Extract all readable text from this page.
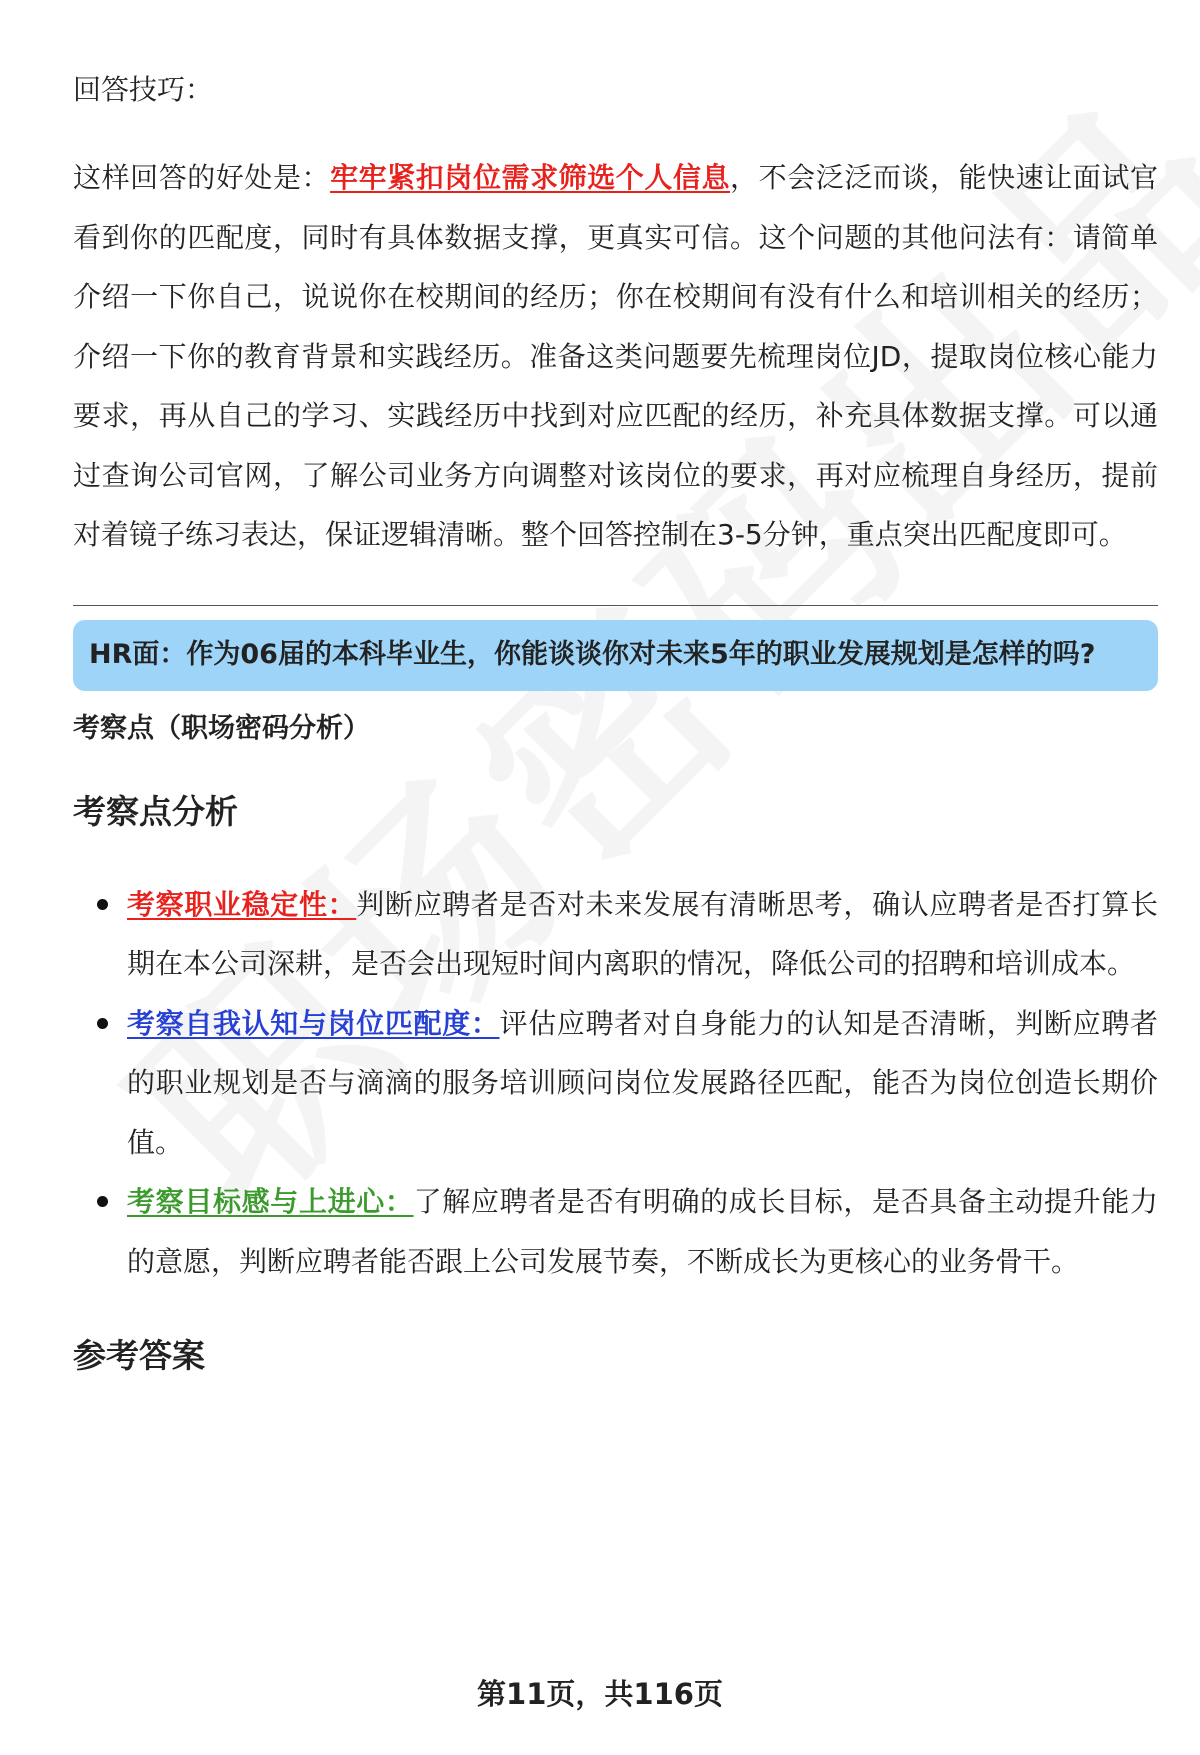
回答技巧：

这样回答的好处是：牢牢紧扣岗位需求筛选个人信息，不会泛泛而谈，能快速让面试官看到你的匹配度，同时有具体数据支撑，更真实可信。这个问题的其他问法有：请简单介绍一下你自己，说说你在校期间的经历；你在校期间有没有什么和培训相关的经历；介绍一下你的教育背景和实践经历。准备这类问题要先梳理岗位JD，提取岗位核心能力要求，再从自己的学习、实践经历中找到对应匹配的经历，补充具体数据支撑。可以通过查询公司官网，了解公司业务方向调整对该岗位的要求，再对应梳理自身经历，提前对着镜子练习表达，保证逻辑清晰。整个回答控制在3-5分钟，重点突出匹配度即可。

HR面：作为06届的本科毕业生，你能谈谈你对未来5年的职业发展规划是怎样的吗?
考察点（职场密码分析）
考察点分析
考察职业稳定性：判断应聘者是否对未来发展有清晰思考，确认应聘者是否打算长期在本公司深耕，是否会出现短时间内离职的情况，降低公司的招聘和培训成本。
考察自我认知与岗位匹配度：评估应聘者对自身能力的认知是否清晰，判断应聘者的职业规划是否与滴滴的服务培训顾问岗位发展路径匹配，能否为岗位创造长期价值。
考察目标感与上进心：了解应聘者是否有明确的成长目标，是否具备主动提升能力的意愿，判断应聘者能否跟上公司发展节奏，不断成长为更核心的业务骨干。
参考答案
第11页，共116页
